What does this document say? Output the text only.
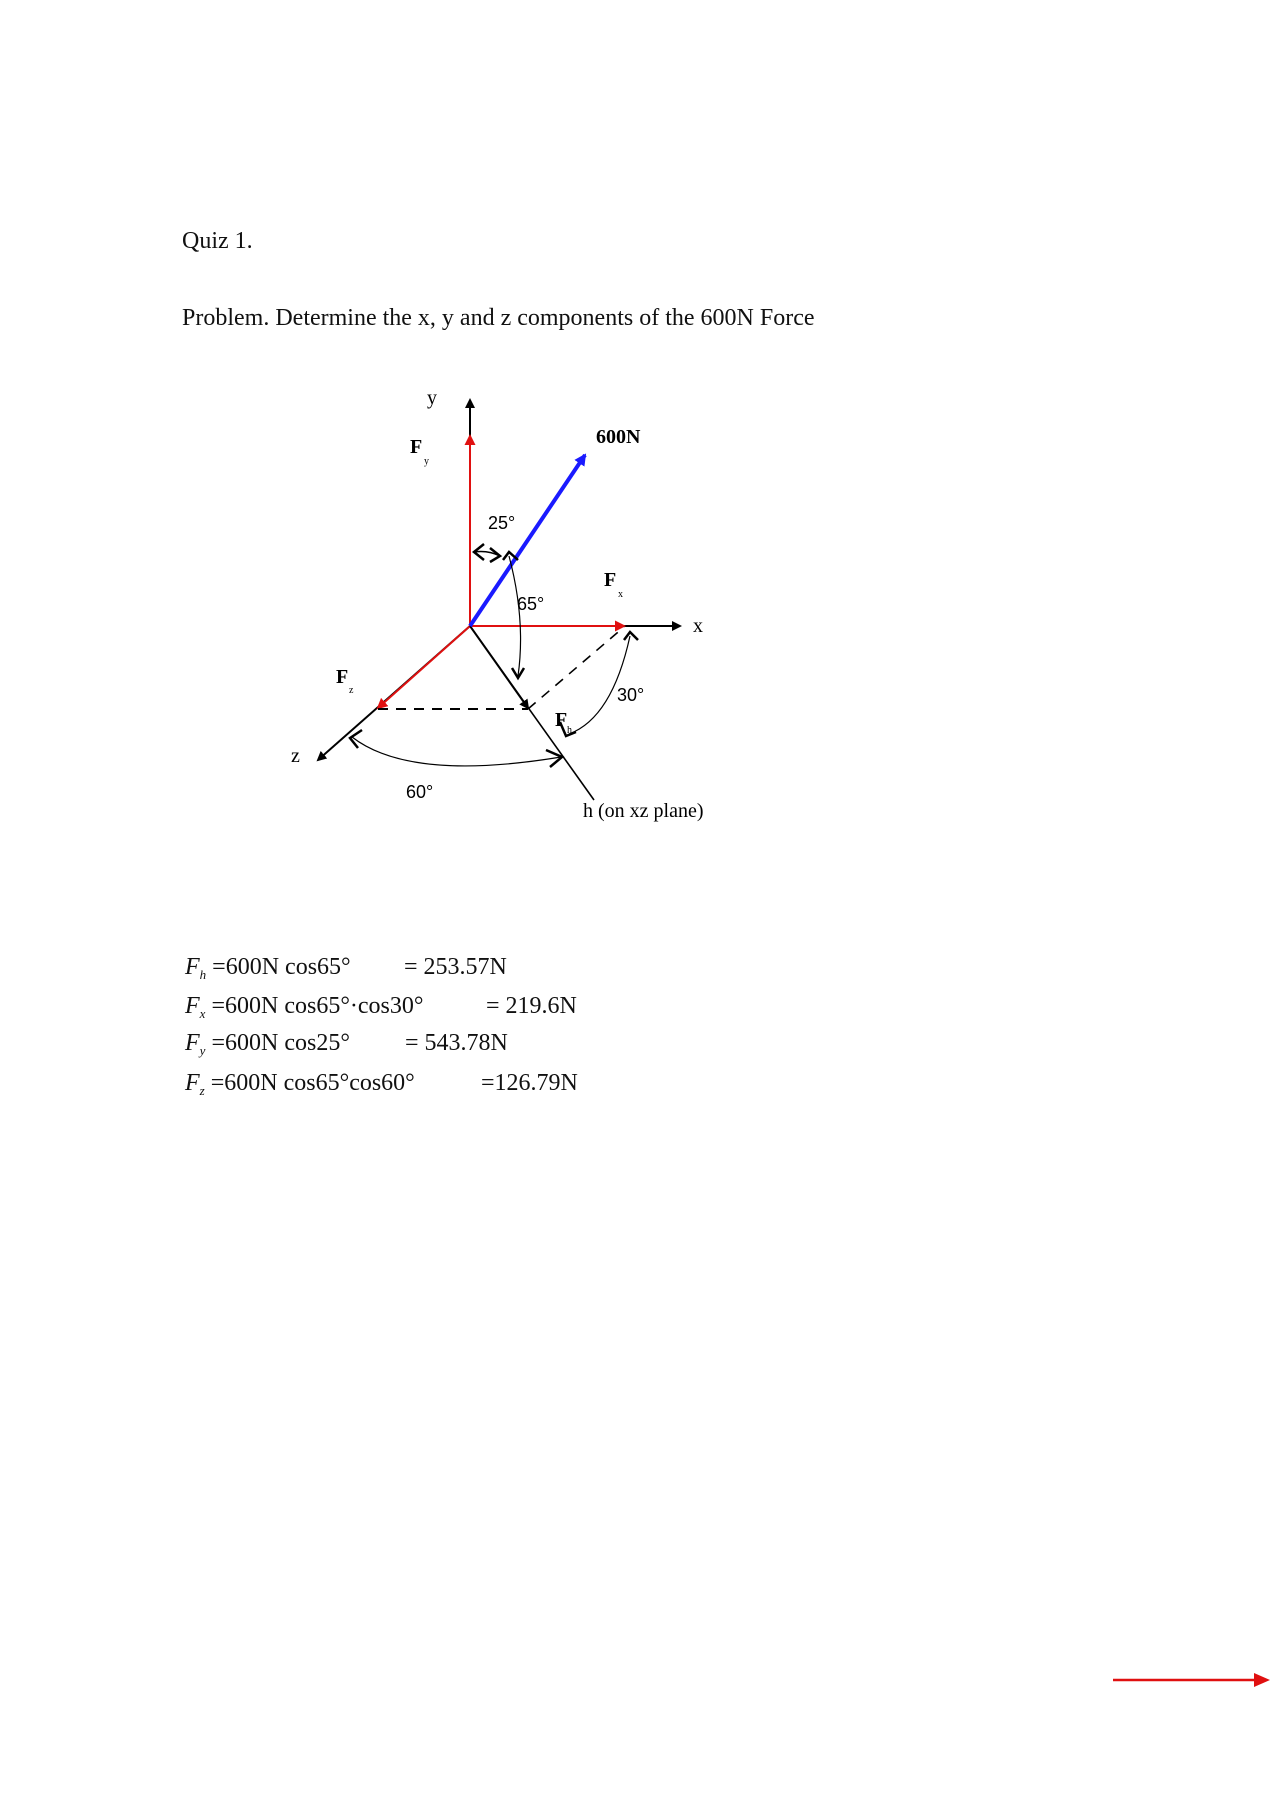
Quiz 1.
Problem. Determine the x, y and z components of the 600N Force
y
x
z
h (on xz plane)
600N
F
y
F
x
F
z
F h
25°
65°
30°
60°
$F_h =600N$ cos65° = 253.57N
$F_x =600N$ cos65°·cos30°	= 219.6N
$F_y =600N$ cos25° = 543.78N
$F_z =600N$ cos65°cos60°	=126.79N
